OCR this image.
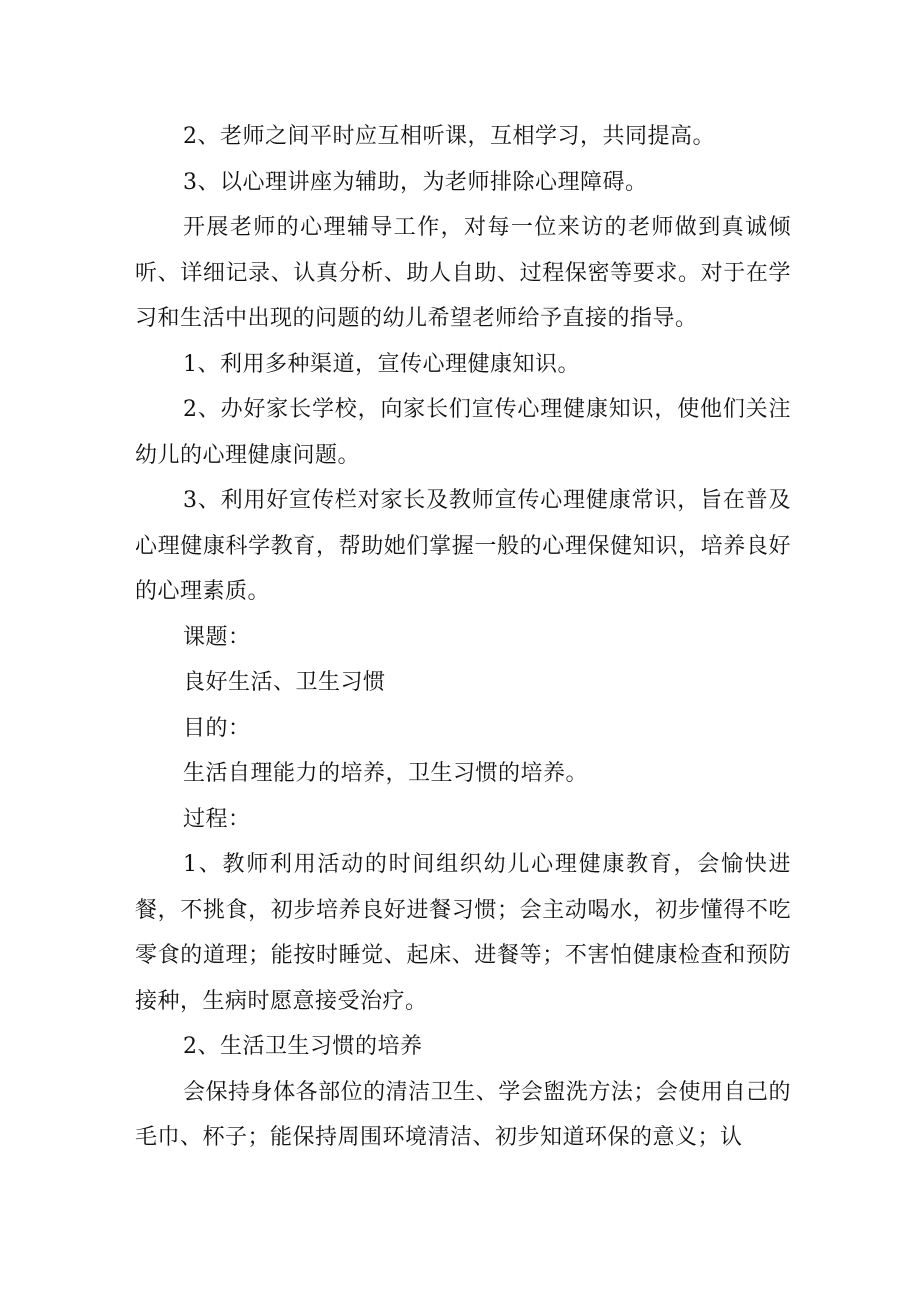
2、老师之间平时应互相听课，互相学习，共同提高。

3、以心理讲座为辅助，为老师排除心理障碍。

开展老师的心理辅导工作，对每一位来访的老师做到真诚倾听、详细记录、认真分析、助人自助、过程保密等要求。对于在学习和生活中出现的问题的幼儿希望老师给予直接的指导。

1、利用多种渠道，宣传心理健康知识。

2、办好家长学校，向家长们宣传心理健康知识，使他们关注幼儿的心理健康问题。

3、利用好宣传栏对家长及教师宣传心理健康常识，旨在普及心理健康科学教育，帮助她们掌握一般的心理保健知识，培养良好的心理素质。

课题：

良好生活、卫生习惯

目的：

生活自理能力的培养，卫生习惯的培养。

过程：

1、教师利用活动的时间组织幼儿心理健康教育，会愉快进餐，不挑食，初步培养良好进餐习惯；会主动喝水，初步懂得不吃零食的道理；能按时睡觉、起床、进餐等；不害怕健康检查和预防接种，生病时愿意接受治疗。

2、生活卫生习惯的培养

会保持身体各部位的清洁卫生、学会盥洗方法；会使用自己的毛巾、杯子；能保持周围环境清洁、初步知道环保的意义；认
